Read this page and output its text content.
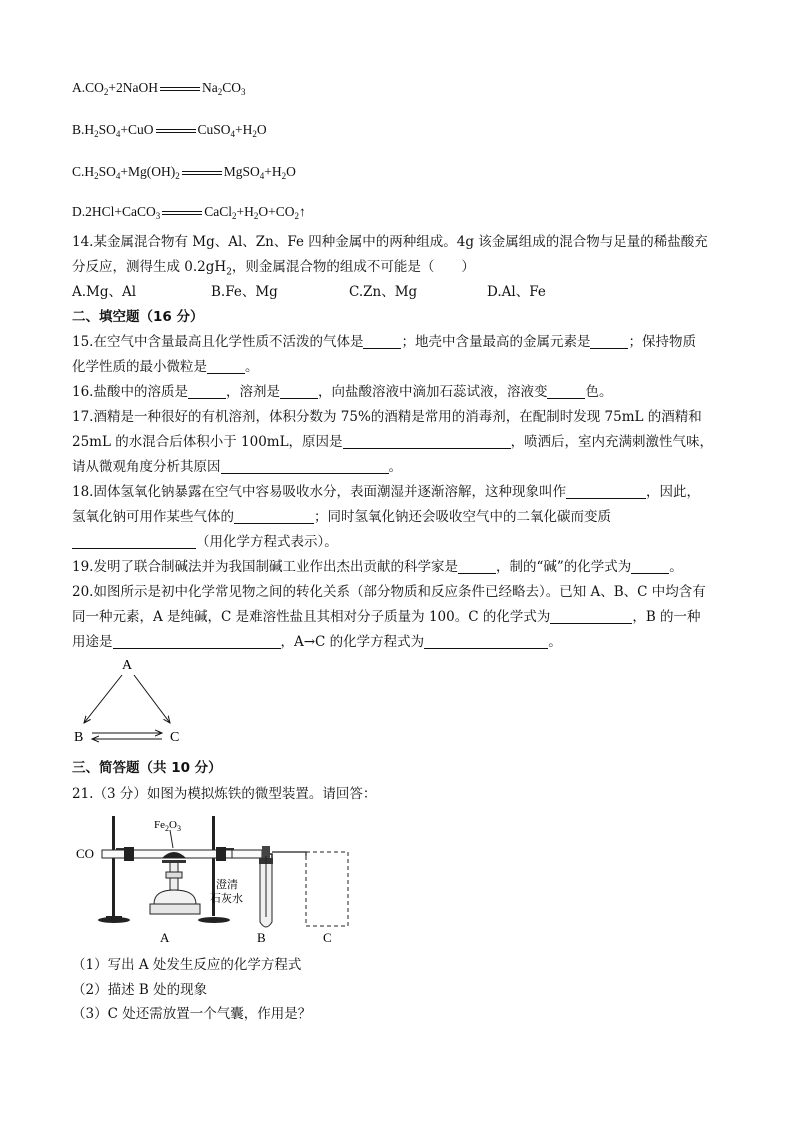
$A.CO_2+2NaOH$	$Na_2CO_3$
$B.H_2SO_4+CuO$	$CuSO_4+H_2O$
$C.H_2SO_4+Mg(OH)_2$	$MgSO_4+H_2O$
D.2HCl+CaCO$_3$	$CaCl_2+H_2O+CO_2↑$
14.某金属混合物有 Mg、Al、Zn、Fe 四种金属中的两种组成。4g 该金属组成的混合物与足量的稀盐酸充
分反应，测得生成 $0.2gH_2$，则金属混合物的组成不可能是（　　）
A.Mg、Al	B.Fe、Mg	C.Zn、Mg	D.Al、Fe
二、填空题（16 分）
15.在空气中含量最高且化学性质不活泼的气体是	；地壳中含量最高的金属元素是	；保持物质
化学性质的最小微粒是	。
16.盐酸中的溶质是	，溶剂是	，向盐酸溶液中滴加石蕊试液，溶液变	色。
17.酒精是一种很好的有机溶剂，体积分数为 75%的酒精是常用的消毒剂，在配制时发现 75mL 的酒精和
25mL 的水混合后体积小于 100mL，原因是	，喷洒后，室内充满刺激性气味，
请从微观角度分析其原因	。
18.固体氢氧化钠暴露在空气中容易吸收水分，表面潮湿并逐渐溶解，这种现象叫作	，因此，
氢氧化钠可用作某些气体的	；同时氢氧化钠还会吸收空气中的二氧化碳而变质
（用化学方程式表示）。
19.发明了联合制碱法并为我国制碱工业作出杰出贡献的科学家是	，制的“碱”的化学式为	。
20.如图所示是初中化学常见物之间的转化关系（部分物质和反应条件已经略去）。已知 A、B、C 中均含有
同一种元素，A 是纯碱，C 是难溶性盐且其相对分子质量为 100。C 的化学式为	，B 的一种
用途是	，A→C 的化学方程式为	。
A
B	C
三、简答题（共 10 分）
21.（3 分）如图为模拟炼铁的微型装置。请回答：
CO
$Fe_2O_3$
澄清
石灰水
A	B	C
（1）写出 A 处发生反应的化学方程式
（2）描述 B 处的现象
（3）C 处还需放置一个气囊，作用是？
